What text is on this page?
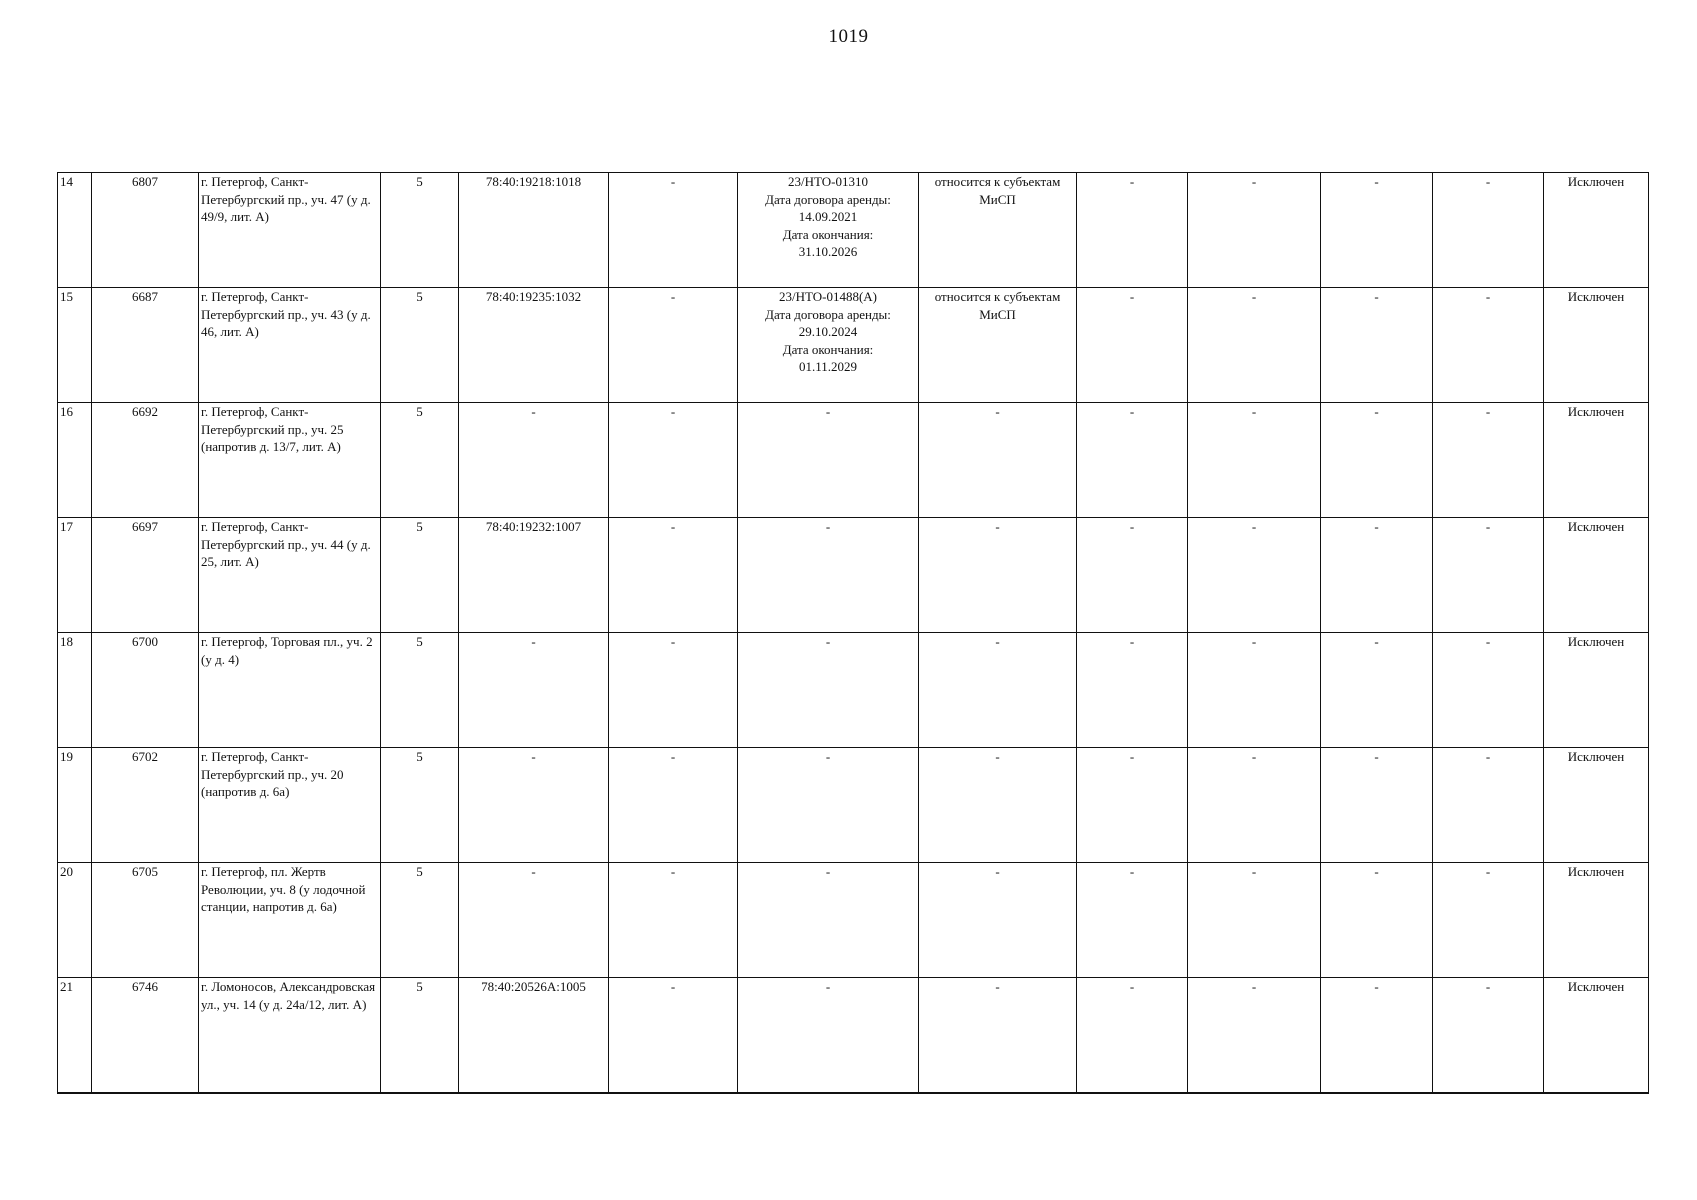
1019
14	6807	г. Петергоф, Санкт-Петербургский пр., уч. 47 (у д. 49/9, лит. А)	5	78:40:19218:1018	-	23/НТО-01310
Дата договора аренды:
14.09.2021
Дата окончания:
31.10.2026	относится к субъектам МиСП	-	-	-	-	Исключен
15	6687	г. Петергоф, Санкт-Петербургский пр., уч. 43 (у д. 46, лит. А)	5	78:40:19235:1032	-	23/НТО-01488(А)
Дата договора аренды:
29.10.2024
Дата окончания:
01.11.2029	относится к субъектам МиСП	-	-	-	-	Исключен
16	6692	г. Петергоф, Санкт-Петербургский пр., уч. 25 (напротив д. 13/7, лит. А)	5	-	-	-	-	-	-	-	-	Исключен
17	6697	г. Петергоф, Санкт-Петербургский пр., уч. 44 (у д. 25, лит. А)	5	78:40:19232:1007	-	-	-	-	-	-	-	Исключен
18	6700	г. Петергоф, Торговая пл., уч. 2 (у д. 4)	5	-	-	-	-	-	-	-	-	Исключен
19	6702	г. Петергоф, Санкт-Петербургский пр., уч. 20 (напротив д. 6а)	5	-	-	-	-	-	-	-	-	Исключен
20	6705	г. Петергоф, пл. Жертв Революции, уч. 8 (у лодочной станции, напротив д. 6а)	5	-	-	-	-	-	-	-	-	Исключен
21	6746	г. Ломоносов, Александровская ул., уч. 14 (у д. 24а/12, лит. А)	5	78:40:20526А:1005	-	-	-	-	-	-	-	Исключен
